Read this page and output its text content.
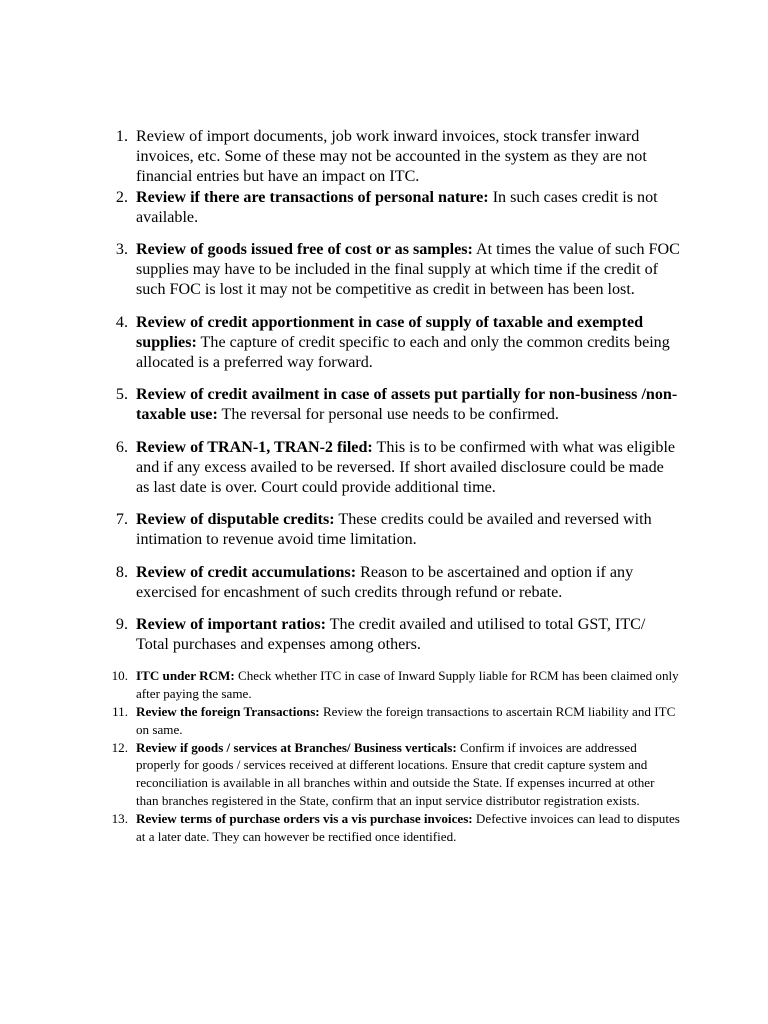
1. Review of import documents, job work inward invoices, stock transfer inward invoices, etc. Some of these may not be accounted in the system as they are not financial entries but have an impact on ITC.
2. Review if there are transactions of personal nature: In such cases credit is not available.
3. Review of goods issued free of cost or as samples: At times the value of such FOC supplies may have to be included in the final supply at which time if the credit of such FOC is lost it may not be competitive as credit in between has been lost.
4. Review of credit apportionment in case of supply of taxable and exempted supplies: The capture of credit specific to each and only the common credits being allocated is a preferred way forward.
5. Review of credit availment in case of assets put partially for non-business /non-taxable use: The reversal for personal use needs to be confirmed.
6. Review of TRAN-1, TRAN-2 filed: This is to be confirmed with what was eligible and if any excess availed to be reversed. If short availed disclosure could be made as last date is over. Court could provide additional time.
7. Review of disputable credits: These credits could be availed and reversed with intimation to revenue avoid time limitation.
8. Review of credit accumulations: Reason to be ascertained and option if any exercised for encashment of such credits through refund or rebate.
9. Review of important ratios: The credit availed and utilised to total GST, ITC/ Total purchases and expenses among others.
10. ITC under RCM: Check whether ITC in case of Inward Supply liable for RCM has been claimed only after paying the same.
11. Review the foreign Transactions: Review the foreign transactions to ascertain RCM liability and ITC on same.
12. Review if goods / services at Branches/ Business verticals: Confirm if invoices are addressed properly for goods / services received at different locations. Ensure that credit capture system and reconciliation is available in all branches within and outside the State. If expenses incurred at other than branches registered in the State, confirm that an input service distributor registration exists.
13. Review terms of purchase orders vis a vis purchase invoices: Defective invoices can lead to disputes at a later date. They can however be rectified once identified.
